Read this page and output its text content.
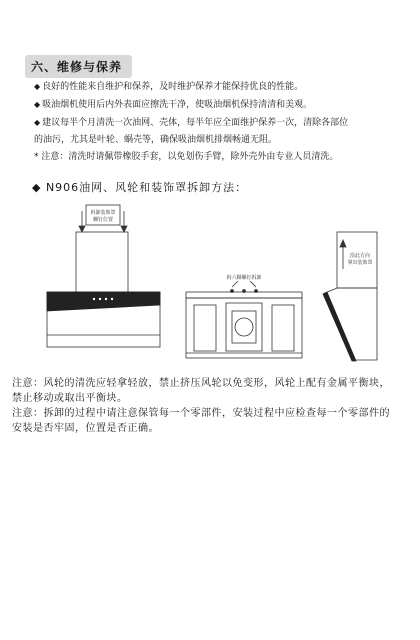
六、维修与保养
◆ 良好的性能来自维护和保养，及时维护保养才能保持优良的性能。
◆ 吸油烟机使用后内外表面应擦洗干净，使吸油烟机保持清清和美观。
◆ 建议每半个月清洗一次油网、壳体，每半年应全面维护保养一次，清除各部位
的油污，尤其是叶轮、蜗壳等，确保吸油烟机排烟畅通无阻。
* 注意：清洗时请佩带橡胶手套，以免划伤手臂，除外壳外由专业人员清洗。
◆ N906油网、风轮和装饰罩拆卸方法：
拆卸装饰罩
螺钉位置
拆六颗螺钉拆卸
沿此方向
拿出装饰罩
注意：风轮的清洗应轻拿轻放，禁止挤压风轮以免变形，风轮上配有金属平衡块，
禁止移动或取出平衡块。
注意：拆卸的过程中请注意保管每一个零部件，安装过程中应检查每一个零部件的
安装是否牢固，位置是否正确。
